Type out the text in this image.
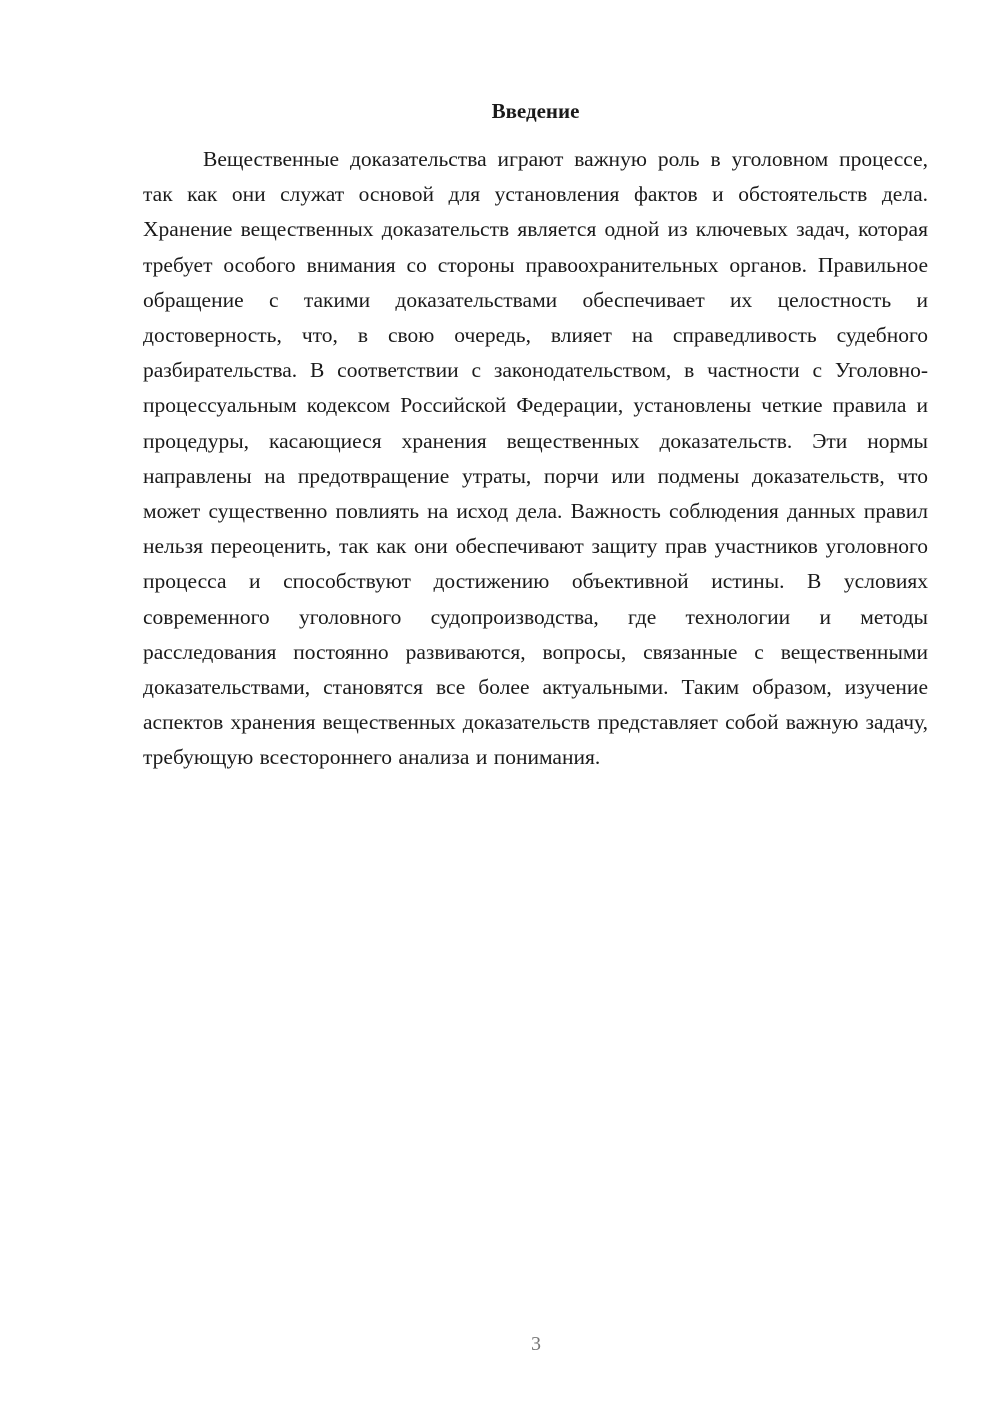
Введение

Вещественные доказательства играют важную роль в уголовном процессе, так как они служат основой для установления фактов и обстоятельств дела. Хранение вещественных доказательств является одной из ключевых задач, которая требует особого внимания со стороны правоохранительных органов. Правильное обращение с такими доказательствами обеспечивает их целостность и достоверность, что, в свою очередь, влияет на справедливость судебного разбирательства. В соответствии с законодательством, в частности с Уголовно-процессуальным кодексом Российской Федерации, установлены четкие правила и процедуры, касающиеся хранения вещественных доказательств. Эти нормы направлены на предотвращение утраты, порчи или подмены доказательств, что может существенно повлиять на исход дела. Важность соблюдения данных правил нельзя переоценить, так как они обеспечивают защиту прав участников уголовного процесса и способствуют достижению объективной истины. В условиях современного уголовного судопроизводства, где технологии и методы расследования постоянно развиваются, вопросы, связанные с вещественными доказательствами, становятся все более актуальными. Таким образом, изучение аспектов хранения вещественных доказательств представляет собой важную задачу, требующую всестороннего анализа и понимания.

3
